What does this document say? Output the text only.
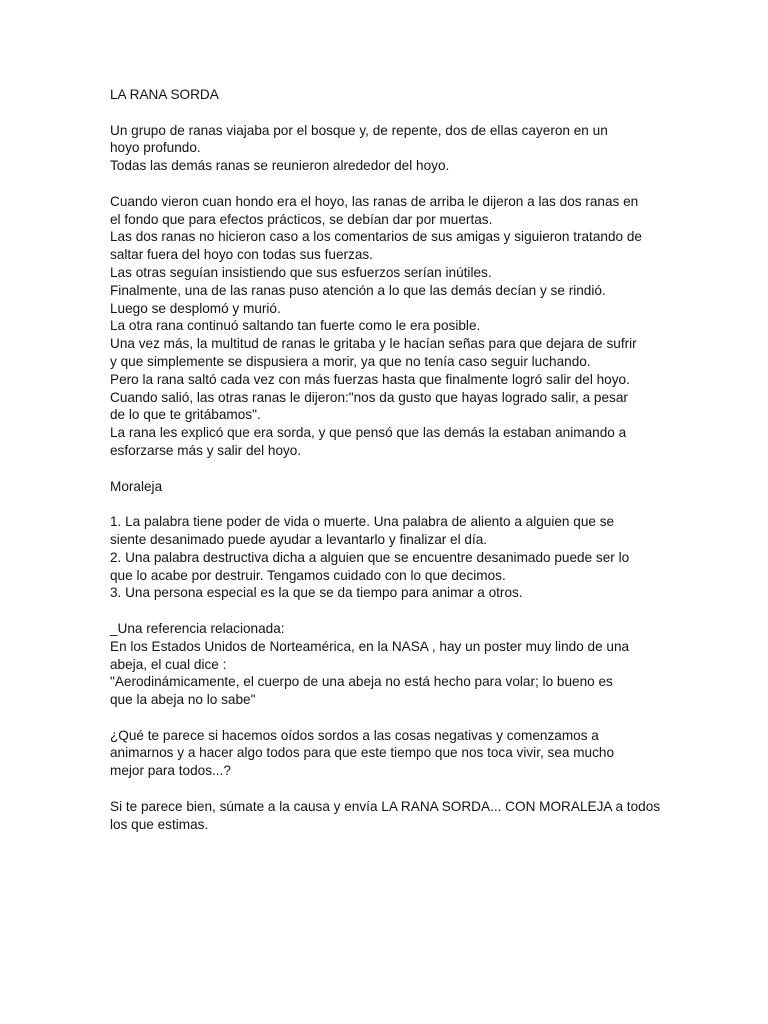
LA RANA SORDA
Un grupo de ranas viajaba por el bosque y, de repente, dos de ellas cayeron en un
hoyo profundo.
Todas las demás ranas se reunieron alrededor del hoyo.
Cuando vieron cuan hondo era el hoyo, las ranas de arriba le dijeron a las dos ranas en
el fondo que para efectos prácticos, se debían dar por muertas.
Las dos ranas no hicieron caso a los comentarios de sus amigas y siguieron tratando de
saltar fuera del hoyo con todas sus fuerzas.
Las otras seguían insistiendo que sus esfuerzos serían inútiles.
Finalmente, una de las ranas puso atención a lo que las demás decían y se rindió.
Luego se desplomó y murió.
La otra rana continuó saltando tan fuerte como le era posible.
Una vez más, la multitud de ranas le gritaba y le hacían señas para que dejara de sufrir
y que simplemente se dispusiera a morir, ya que no tenía caso seguir luchando.
Pero la rana saltó cada vez con más fuerzas hasta que finalmente logró salir del hoyo.
Cuando salió, las otras ranas le dijeron:"nos da gusto que hayas logrado salir, a pesar
de lo que te gritábamos".
La rana les explicó que era sorda, y que pensó que las demás la estaban animando a
esforzarse más y salir del hoyo.
Moraleja
1. La palabra tiene poder de vida o muerte. Una palabra de aliento a alguien que se
siente desanimado puede ayudar a levantarlo y finalizar el día.
2. Una palabra destructiva dicha a alguien que se encuentre desanimado puede ser lo
que lo acabe por destruir. Tengamos cuidado con lo que decimos.
3. Una persona especial es la que se da tiempo para animar a otros.
_Una referencia relacionada:
En los Estados Unidos de Norteamérica, en la NASA , hay un poster muy lindo de una
abeja, el cual dice :
"Aerodinámicamente, el cuerpo de una abeja no está hecho para volar; lo bueno es
que la abeja no lo sabe"
¿Qué te parece si hacemos oídos sordos a las cosas negativas y comenzamos a
animarnos y a hacer algo todos para que este tiempo que nos toca vivir, sea mucho
mejor para todos...?
Si te parece bien, súmate a la causa y envía LA RANA SORDA... CON MORALEJA a todos
los que estimas.
